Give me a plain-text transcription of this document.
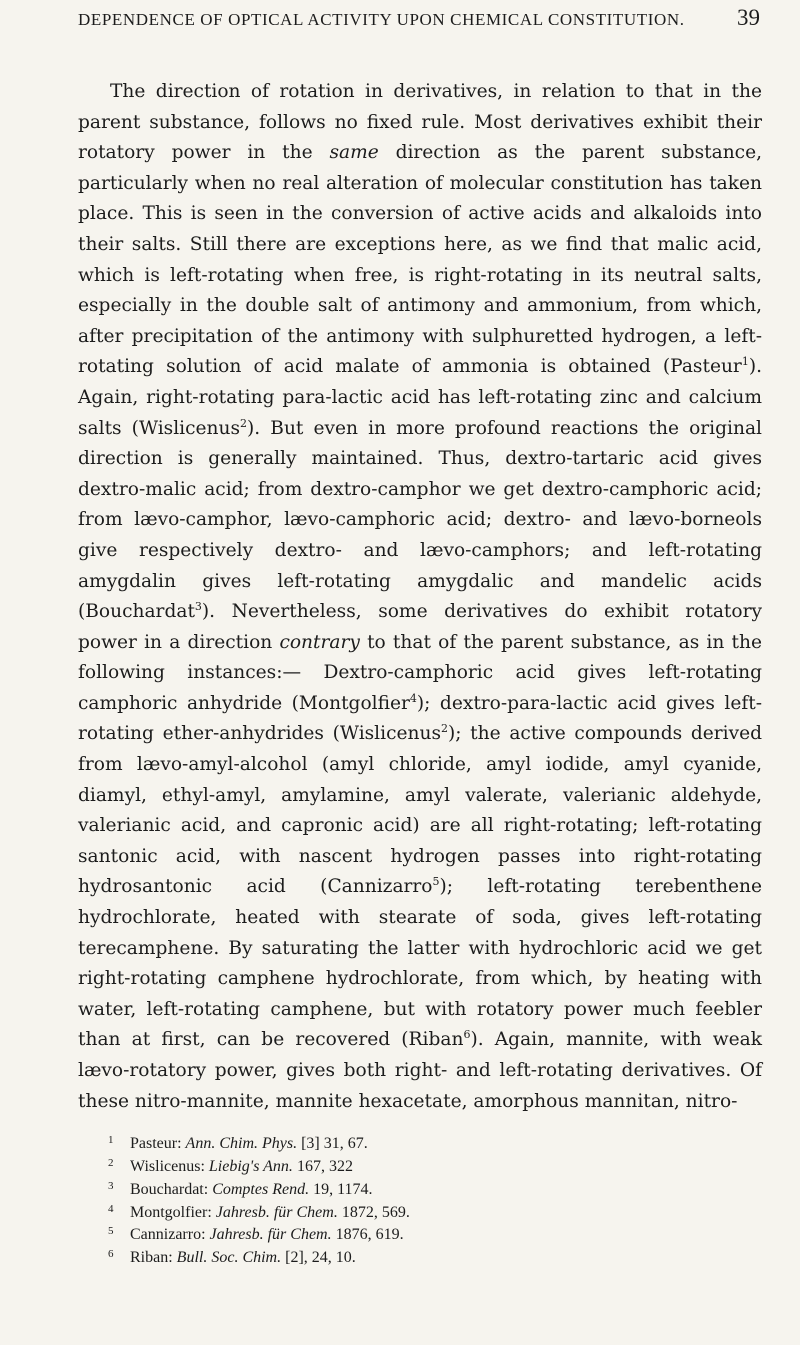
DEPENDENCE OF OPTICAL ACTIVITY UPON CHEMICAL CONSTITUTION. 39

The direction of rotation in derivatives, in relation to that in the parent substance, follows no fixed rule. Most derivatives exhibit their rotatory power in the same direction as the parent substance, particularly when no real alteration of molecular constitution has taken place. This is seen in the conversion of active acids and alkaloids into their salts. Still there are exceptions here, as we find that malic acid, which is left-rotating when free, is right-rotating in its neutral salts, especially in the double salt of antimony and ammonium, from which, after precipitation of the antimony with sulphuretted hydrogen, a left-rotating solution of acid malate of ammonia is obtained (Pasteur$^1$). Again, right-rotating para-lactic acid has left-rotating zinc and calcium salts (Wislicenus$^2$). But even in more profound reactions the original direction is generally maintained. Thus, dextro-tartaric acid gives dextro-malic acid; from dextro-camphor we get dextro-camphoric acid; from lævo-camphor, lævo-camphoric acid; dextro- and lævo-borneols give respectively dextro- and lævo-camphors; and left-rotating amygdalin gives left-rotating amygdalic and mandelic acids (Bouchardat$^3$). Nevertheless, some derivatives do exhibit rotatory power in a direction contrary to that of the parent substance, as in the following instances:— Dextro-camphoric acid gives left-rotating camphoric anhydride (Montgolfier$^4$); dextro-para-lactic acid gives left-rotating ether-anhydrides (Wislicenus$^2$); the active compounds derived from lævo-amyl-alcohol (amyl chloride, amyl iodide, amyl cyanide, diamyl, ethyl-amyl, amylamine, amyl valerate, valerianic aldehyde, valerianic acid, and capronic acid) are all right-rotating; left-rotating santonic acid, with nascent hydrogen passes into right-rotating hydrosantonic acid (Cannizarro$^5$); left-rotating terebenthene hydrochlorate, heated with stearate of soda, gives left-rotating terecamphene. By saturating the latter with hydrochloric acid we get right-rotating camphene hydrochlorate, from which, by heating with water, left-rotating camphene, but with rotatory power much feebler than at first, can be recovered (Riban$^6$). Again, mannite, with weak lævo-rotatory power, gives both right- and left-rotating derivatives. Of these nitro-mannite, mannite hexacetate, amorphous mannitan, nitro-

1 Pasteur: Ann. Chim. Phys. [3] 31, 67.

2 Wislicenus: Liebig's Ann. 167, 322

3 Bouchardat: Comptes Rend. 19, 1174.

4 Montgolfier: Jahresb. für Chem. 1872, 569.

5 Cannizarro: Jahresb. für Chem. 1876, 619.

6 Riban: Bull. Soc. Chim. [2], 24, 10.
